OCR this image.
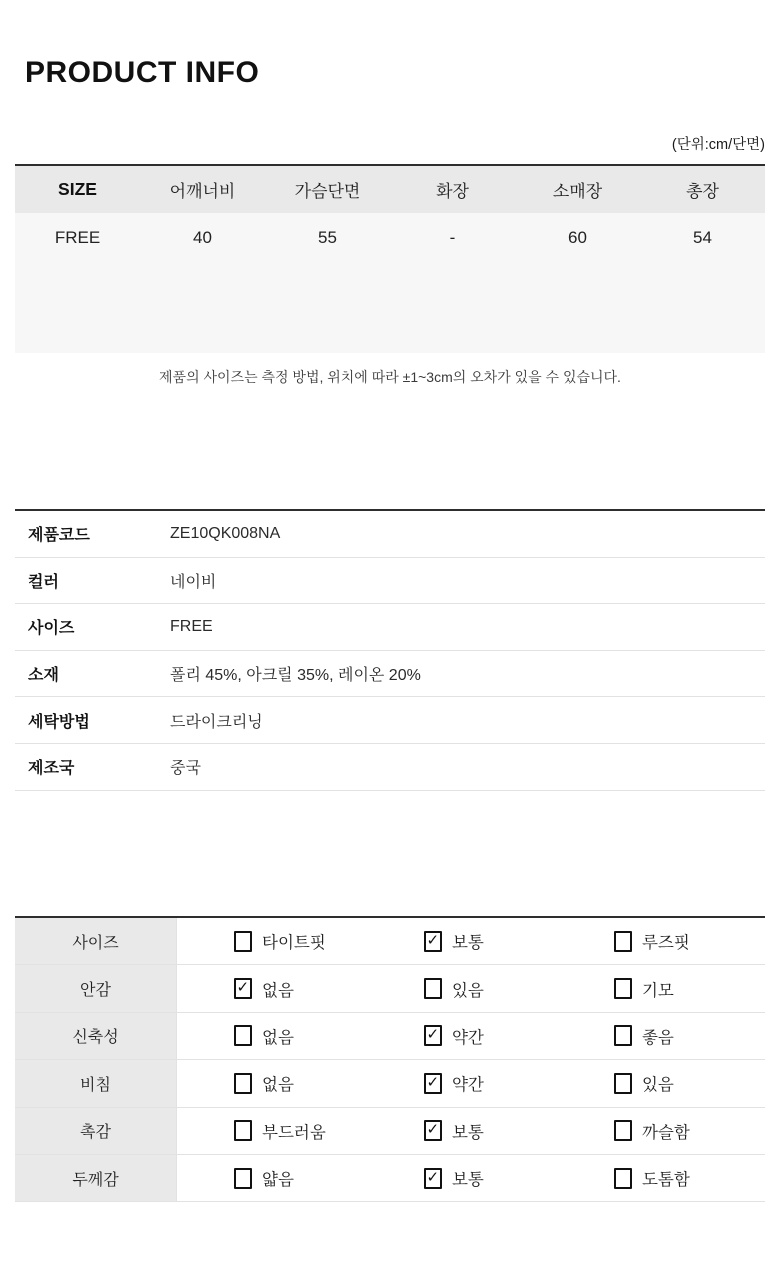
PRODUCT INFO
(단위:cm/단면)
SIZE	어깨너비	가슴단면	화장	소매장	총장
FREE	40	55	-	60	54
제품의 사이즈는 측정 방법, 위치에 따라 ±1~3cm의 오차가 있을 수 있습니다.
제품코드	ZE10QK008NA
컬러	네이비
사이즈	FREE
소재	폴리 45%, 아크릴 35%, 레이온 20%
세탁방법	드라이크리닝
제조국	중국
사이즈	타이트핏 ✓	보통	루즈핏
안감 ✓	없음	있음	기모
신축성	없음 ✓	약간	좋음
비침	없음 ✓	약간	있음
촉감	부드러움 ✓	보통	까슬함
두께감	얇음 ✓	보통	도톰함
